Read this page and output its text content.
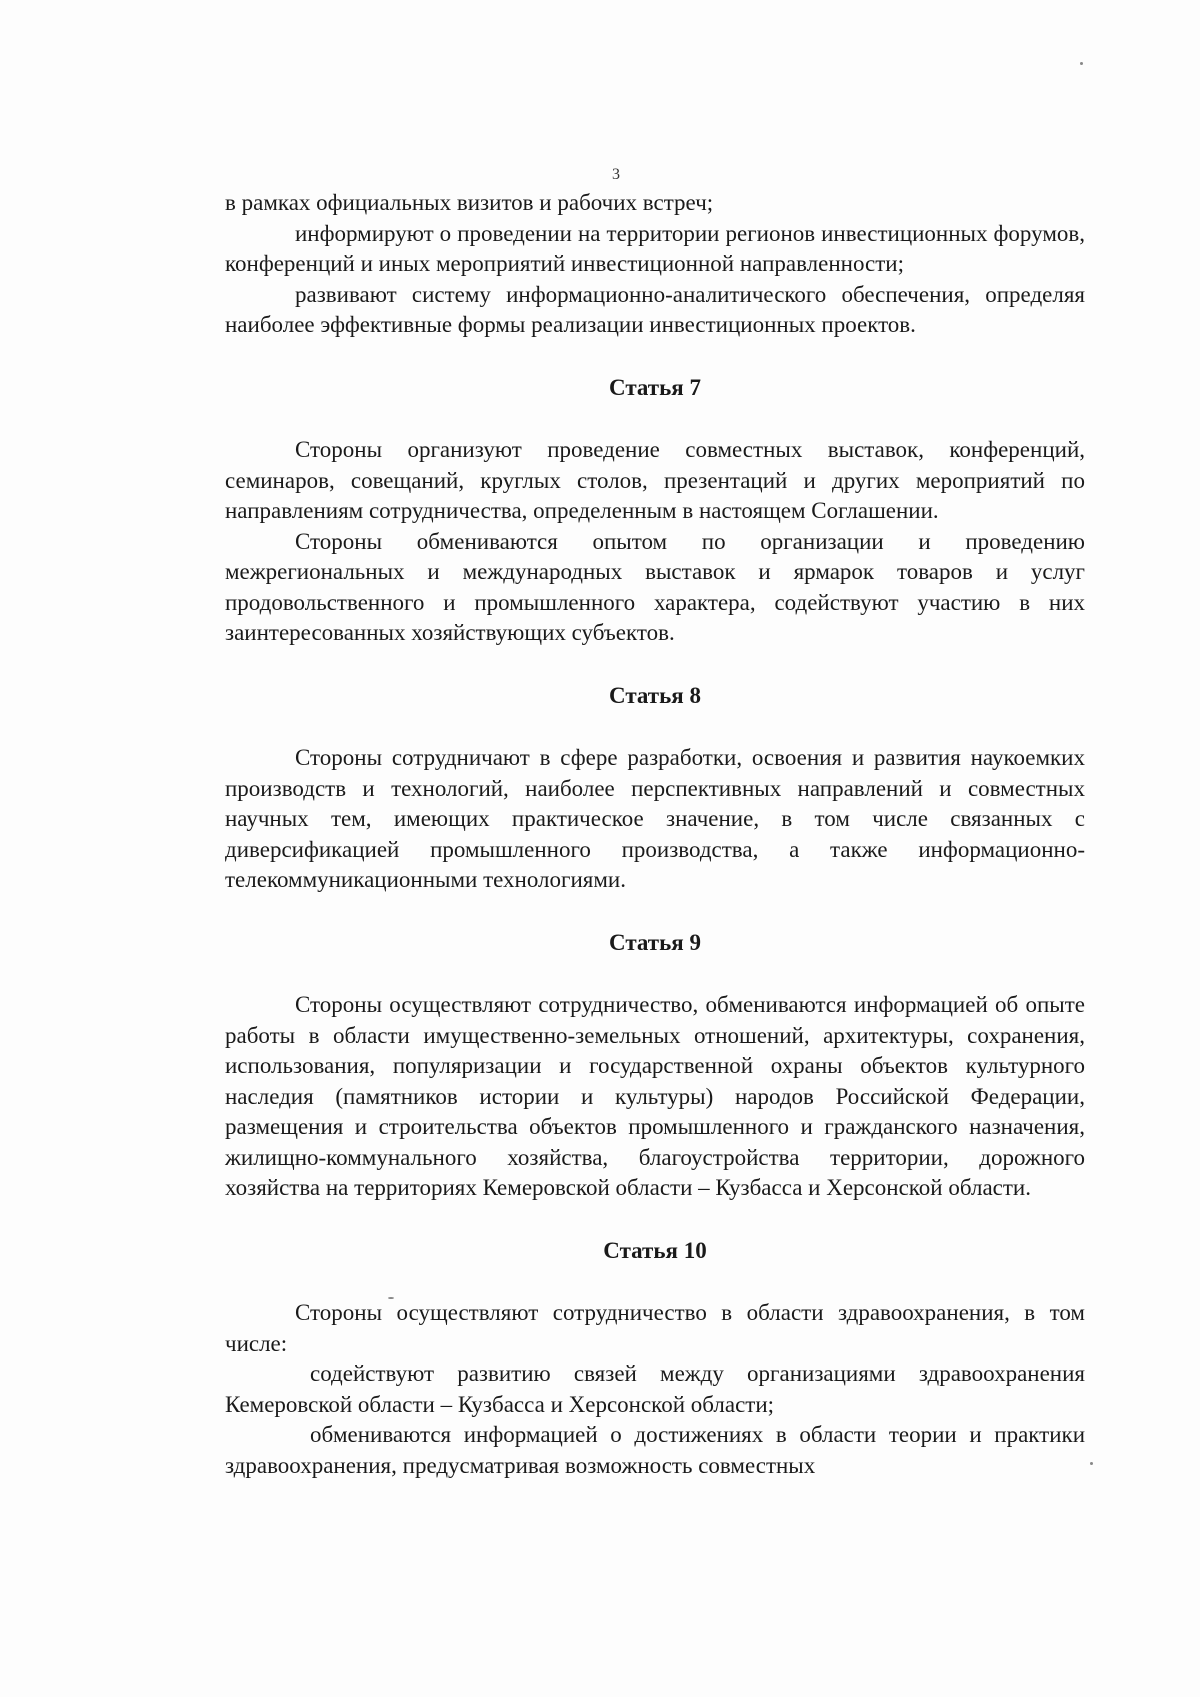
3

в рамках официальных визитов и рабочих встреч;

информируют о проведении на территории регионов инвестиционных форумов, конференций и иных мероприятий инвестиционной направленности;

развивают систему информационно-аналитического обеспечения, определяя наиболее эффективные формы реализации инвестиционных проектов.

Статья 7

Стороны организуют проведение совместных выставок, конференций, семинаров, совещаний, круглых столов, презентаций и других мероприятий по направлениям сотрудничества, определенным в настоящем Соглашении.

Стороны обмениваются опытом по организации и проведению межрегиональных и международных выставок и ярмарок товаров и услуг продовольственного и промышленного характера, содействуют участию в них заинтересованных хозяйствующих субъектов.

Статья 8

Стороны сотрудничают в сфере разработки, освоения и развития наукоемких производств и технологий, наиболее перспективных направлений и совместных научных тем, имеющих практическое значение, в том числе связанных с диверсификацией промышленного производства, а также информационно-телекоммуникационными технологиями.

Статья 9

Стороны осуществляют сотрудничество, обмениваются информацией об опыте работы в области имущественно-земельных отношений, архитектуры, сохранения, использования, популяризации и государственной охраны объектов культурного наследия (памятников истории и культуры) народов Российской Федерации, размещения и строительства объектов промышленного и гражданского назначения, жилищно-коммунального хозяйства, благоустройства территории, дорожного хозяйства на территориях Кемеровской области – Кузбасса и Херсонской области.

Статья 10

Стороны осуществляют сотрудничество в области здравоохранения, в том числе:

содействуют развитию связей между организациями здравоохранения Кемеровской области – Кузбасса и Херсонской области;

обмениваются информацией о достижениях в области теории и практики здравоохранения, предусматривая возможность совместных
